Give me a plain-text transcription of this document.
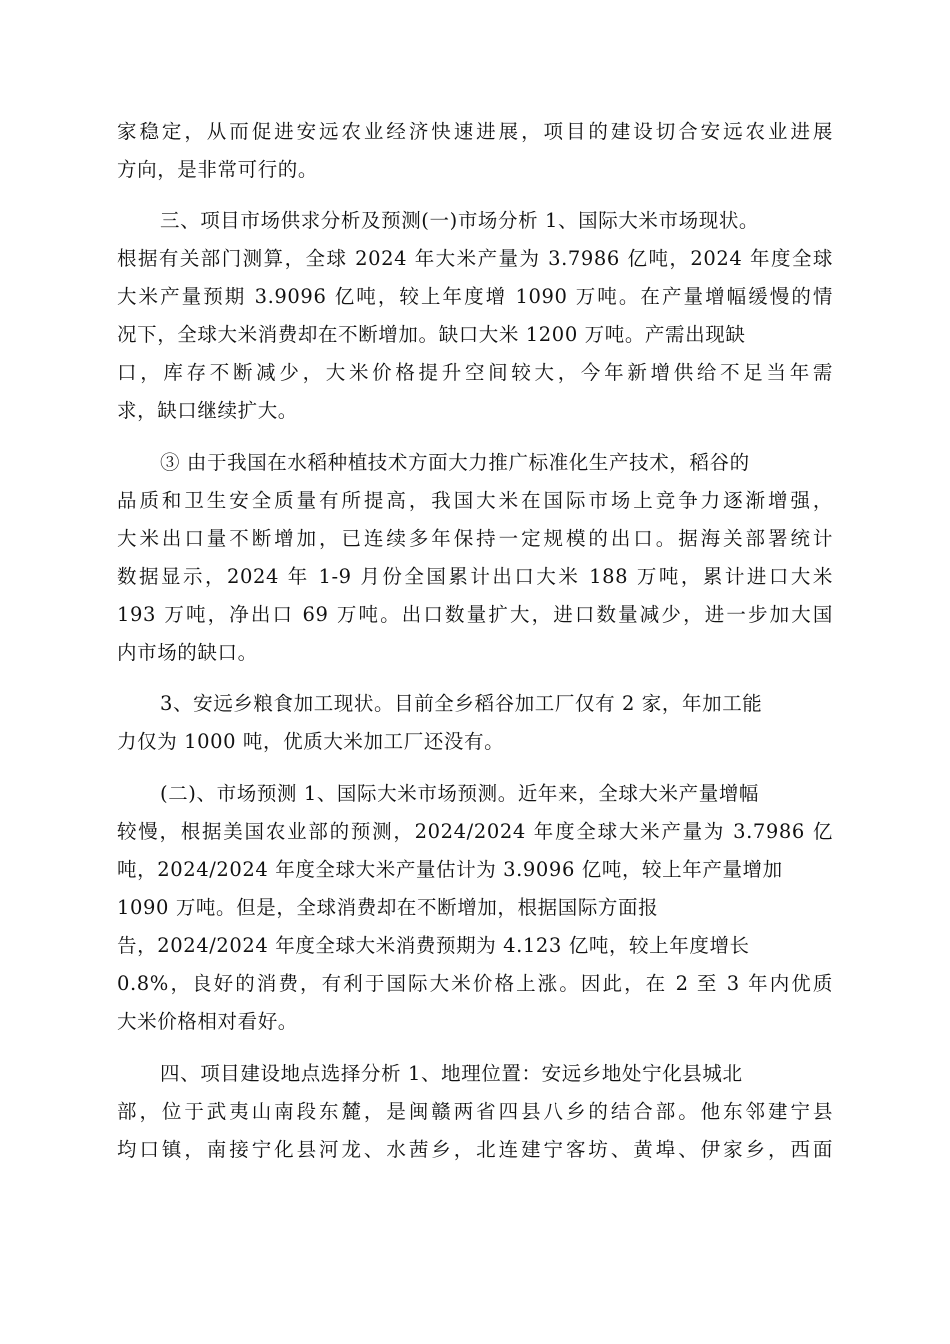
家稳定，从而促进安远农业经济快速进展，项目的建设切合安远农业进展
方向，是非常可行的。
三、项目市场供求分析及预测(一)市场分析 1、国际大米市场现状。
根据有关部门测算，全球 2024 年大米产量为 3.7986 亿吨，2024 年度全球
大米产量预期 3.9096 亿吨，较上年度增 1090 万吨。在产量增幅缓慢的情
况下，全球大米消费却在不断增加。缺口大米 1200 万吨。产需出现缺
口，库存不断减少，大米价格提升空间较大，今年新增供给不足当年需
求，缺口继续扩大。
③ 由于我国在水稻种植技术方面大力推广标准化生产技术，稻谷的
品质和卫生安全质量有所提高，我国大米在国际市场上竞争力逐渐增强，
大米出口量不断增加，已连续多年保持一定规模的出口。据海关部署统计
数据显示，2024 年 1-9 月份全国累计出口大米 188 万吨，累计进口大米
193 万吨，净出口 69 万吨。出口数量扩大，进口数量减少，进一步加大国
内市场的缺口。
3、安远乡粮食加工现状。目前全乡稻谷加工厂仅有 2 家，年加工能
力仅为 1000 吨，优质大米加工厂还没有。
(二)、市场预测 1、国际大米市场预测。近年来，全球大米产量增幅
较慢，根据美国农业部的预测，2024/2024 年度全球大米产量为 3.7986 亿
吨，2024/2024 年度全球大米产量估计为 3.9096 亿吨，较上年产量增加
1090 万吨。但是，全球消费却在不断增加，根据国际方面报
告，2024/2024 年度全球大米消费预期为 4.123 亿吨，较上年度增长
0.8%，良好的消费，有利于国际大米价格上涨。因此，在 2 至 3 年内优质
大米价格相对看好。
四、项目建设地点选择分析 1、地理位置：安远乡地处宁化县城北
部，位于武夷山南段东麓，是闽赣两省四县八乡的结合部。他东邻建宁县
均口镇，南接宁化县河龙、水茜乡，北连建宁客坊、黄埠、伊家乡，西面
